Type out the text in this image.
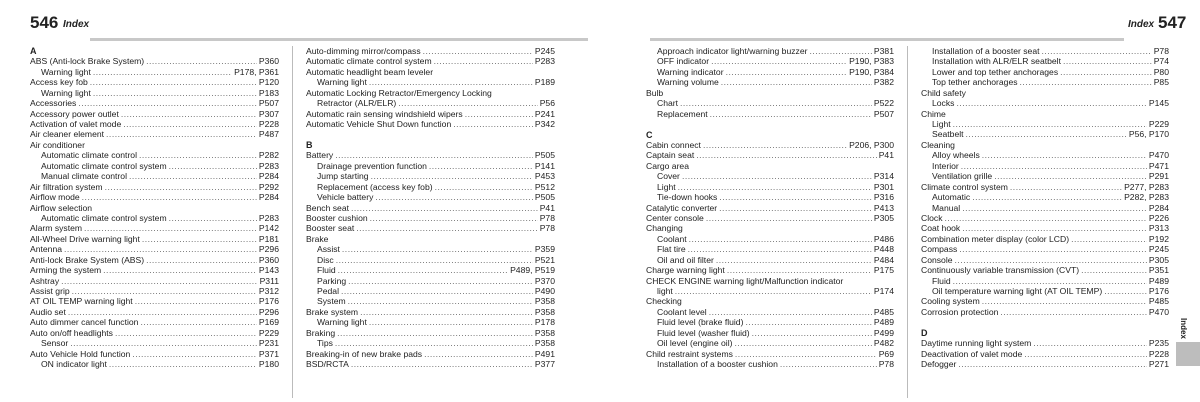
546 Index	Index 547
A
ABS (Anti-lock Brake System) .....	P360
Warning light .....	P178, P361
Access key fob .....	P120
Warning light .....	P183
Accessories .....	P507
Accessory power outlet .....	P307
Activation of valet mode .....	P228
Air cleaner element .....	P487
Air conditioner
Automatic climate control .....	P282
Automatic climate control system .....	P283
Manual climate control .....	P284
Air filtration system .....	P292
Airflow mode .....	P284
Airflow selection
Automatic climate control system .....	P283
Alarm system .....	P142
All-Wheel Drive warning light .....	P181
Antenna .....	P296
Anti-lock Brake System (ABS) .....	P360
Arming the system .....	P143
Ashtray .....	P311
Assist grip .....	P312
AT OIL TEMP warning light .....	P176
Audio set .....	P296
Auto dimmer cancel function .....	P169
Auto on/off headlights .....	P229
Sensor .....	P231
Auto Vehicle Hold function .....	P371
ON indicator light .....	P180
Auto-dimming mirror/compass .....	P245
Automatic climate control system .....	P283
Automatic headlight beam leveler
Warning light .....	P189
Automatic Locking Retractor/Emergency Locking
Retractor (ALR/ELR) .....	P56
Automatic rain sensing windshield wipers .....	P241
Automatic Vehicle Shut Down function .....	P342
B
Battery .....	P505
Drainage prevention function .....	P141
Jump starting .....	P453
Replacement (access key fob) .....	P512
Vehicle battery .....	P505
Bench seat .....	P41
Booster cushion .....	P78
Booster seat .....	P78
Brake
Assist .....	P359
Disc .....	P521
Fluid .....	P489, P519
Parking .....	P370
Pedal .....	P490
System .....	P358
Brake system .....	P358
Warning light .....	P178
Braking .....	P358
Tips .....	P358
Breaking-in of new brake pads .....	P491
BSD/RCTA .....	P377
Approach indicator light/warning buzzer .....	P381
OFF indicator .....	P190, P383
Warning indicator .....	P190, P384
Warning volume .....	P382
Bulb
Chart .....	P522
Replacement .....	P507
C
Cabin connect .....	P206, P300
Captain seat .....	P41
Cargo area
Cover .....	P314
Light .....	P301
Tie-down hooks .....	P316
Catalytic converter .....	P413
Center console .....	P305
Changing
Coolant .....	P486
Flat tire .....	P448
Oil and oil filter .....	P484
Charge warning light .....	P175
CHECK ENGINE warning light/Malfunction indicator
light .....	P174
Checking
Coolant level .....	P485
Fluid level (brake fluid) .....	P489
Fluid level (washer fluid) .....	P499
Oil level (engine oil) .....	P482
Child restraint systems .....	P69
Installation of a booster cushion .....	P78
Installation of a booster seat .....	P78
Installation with ALR/ELR seatbelt .....	P74
Lower and top tether anchorages .....	P80
Top tether anchorages .....	P85
Child safety
Locks .....	P145
Chime
Light .....	P229
Seatbelt .....	P56, P170
Cleaning
Alloy wheels .....	P470
Interior .....	P471
Ventilation grille .....	P291
Climate control system .....	P277, P283
Automatic .....	P282, P283
Manual .....	P284
Clock .....	P226
Coat hook .....	P313
Combination meter display (color LCD) .....	P192
Compass .....	P245
Console .....	P305
Continuously variable transmission (CVT) .....	P351
Fluid .....	P489
Oil temperature warning light (AT OIL TEMP) .....	P176
Cooling system .....	P485
Corrosion protection .....	P470
D
Daytime running light system .....	P235
Deactivation of valet mode .....	P228
Defogger .....	P271
Index
